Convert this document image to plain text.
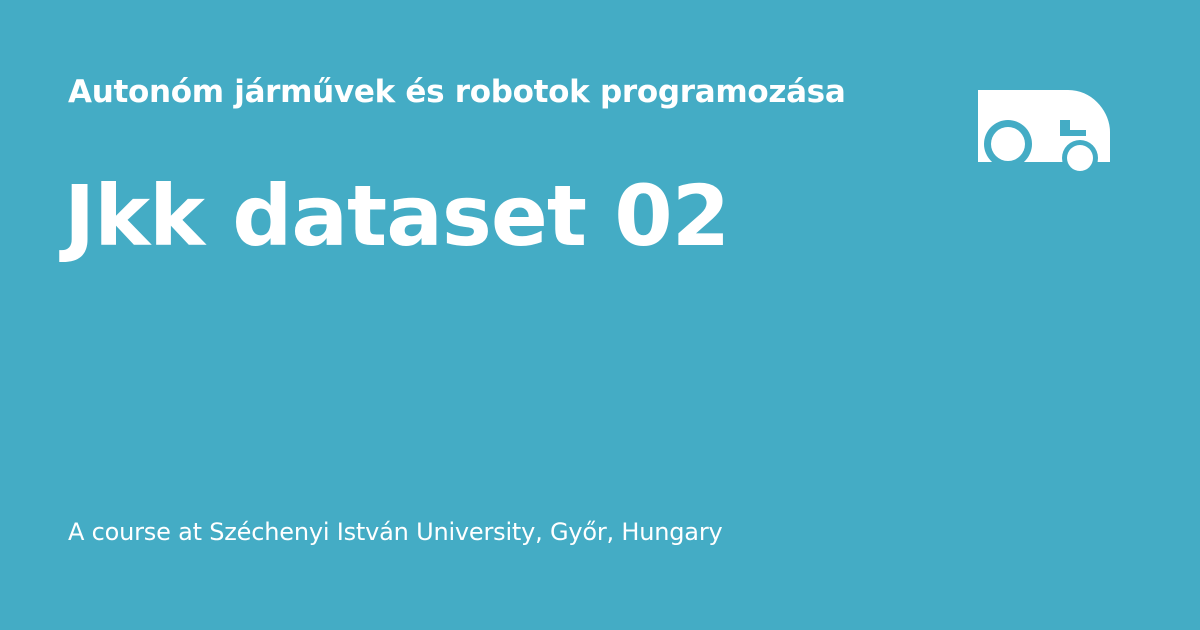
Autonóm járművek és robotok programozása
Jkk dataset 02
A course at Széchenyi István University, Győr, Hungary
